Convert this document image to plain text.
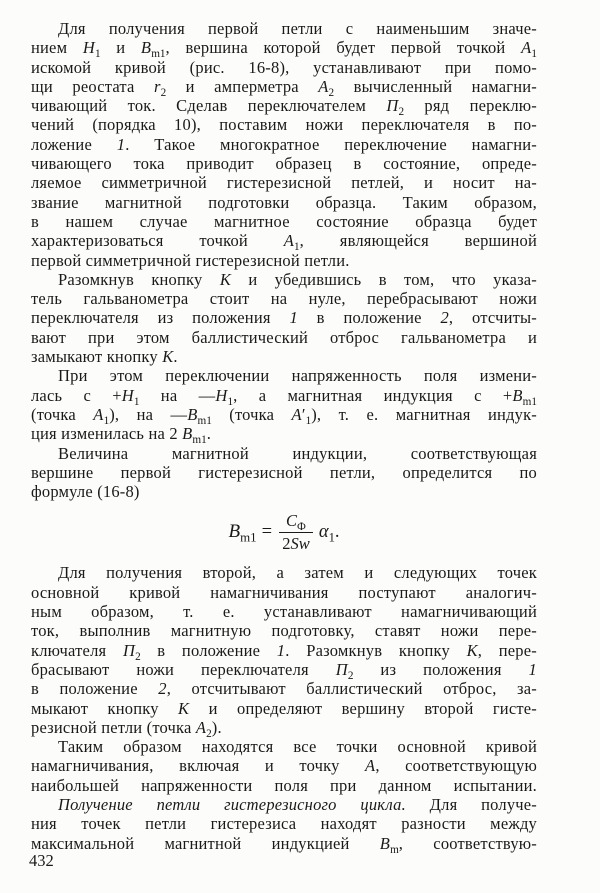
Для получения первой петли с наименьшим значе-
нием $H_1$ и $B_{m1}$, вершина которой будет первой точкой $A_1$
искомой кривой (рис. 16-8), устанавливают при помо-
щи реостата $r_2$ и амперметра $А_2$ вычисленный намагни-
чивающий ток. Сделав переключателем $П_2$ ряд переклю-
чений (порядка 10), поставим ножи переключателя в по-
ложение 1. Такое многократное переключение намагни-
чивающего тока приводит образец в состояние, опреде-
ляемое симметричной гистерезисной петлей, и носит на-
звание магнитной подготовки образца. Таким образом,
в нашем случае магнитное состояние образца будет
характеризоваться точкой $A_1$, являющейся вершиной
первой симметричной гистерезисной петли.
Разомкнув кнопку К и убедившись в том, что указа-
тель гальванометра стоит на нуле, перебрасывают ножи
переключателя из положения 1 в положение 2, отсчиты-
вают при этом баллистический отброс гальванометра и
замыкают кнопку К.
При этом переключении напряженность поля измени-
лась $с +H_1$ на $—H_1$, а магнитная индукция $с +B_{m1}$
(точка $A_1$), на $—B_{m1}$ (точка $A'_1$), т. е. магнитная индук-
ция изменилась на 2 $B_{m1}$.
Величина магнитной индукции, соответствующая
вершине первой гистерезисной петли, определится по
формуле (16-8)
$B_{m1} = \frac{C_Ф}{2Sw} \alpha_1$.
Для получения второй, а затем и следующих точек
основной кривой намагничивания поступают аналогич-
ным образом, т. е. устанавливают намагничивающий
ток, выполнив магнитную подготовку, ставят ножи пере-
ключателя $П_2$ в положение 1. Разомкнув кнопку К, пере-
брасывают ножи переключателя $П_2$ из положения 1
в положение 2, отсчитывают баллистический отброс, за-
мыкают кнопку К и определяют вершину второй гисте-
резисной петли (точка $А_2$).
Таким образом находятся все точки основной кривой
намагничивания, включая и точку А, соответствующую
наибольшей напряженности поля при данном испытании.
Получение петли гистерезисного цикла. Для получе-
ния точек петли гистерезиса находят разности между
максимальной магнитной индукцией $B_m$, соответствую-
432
